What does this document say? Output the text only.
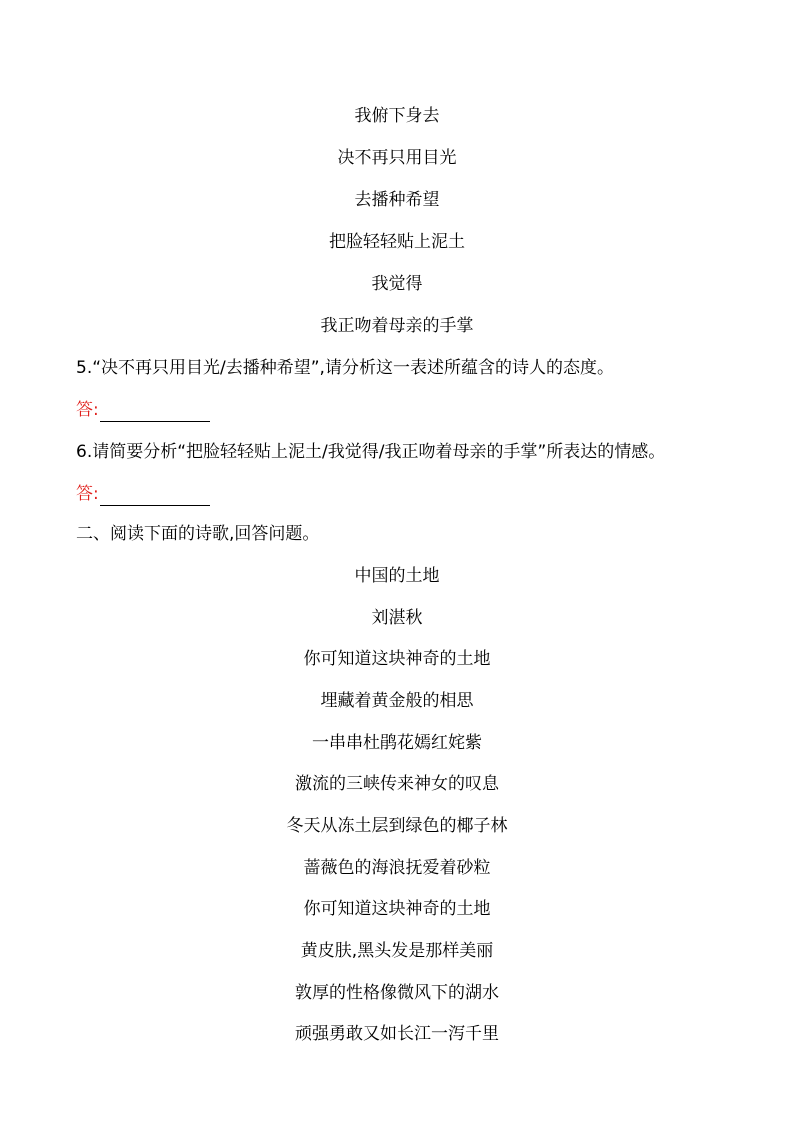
我俯下身去
决不再只用目光
去播种希望
把脸轻轻贴上泥土
我觉得
我正吻着母亲的手掌
5.“决不再只用目光/去播种希望”,请分析这一表述所蕴含的诗人的态度。
答:
6.请简要分析“把脸轻轻贴上泥土/我觉得/我正吻着母亲的手掌”所表达的情感。
答:
二、阅读下面的诗歌,回答问题。
中国的土地
刘湛秋
你可知道这块神奇的土地
埋藏着黄金般的相思
一串串杜鹃花嫣红姹紫
激流的三峡传来神女的叹息
冬天从冻土层到绿色的椰子林
蔷薇色的海浪抚爱着砂粒
你可知道这块神奇的土地
黄皮肤,黑头发是那样美丽
敦厚的性格像微风下的湖水
顽强勇敢又如长江一泻千里
